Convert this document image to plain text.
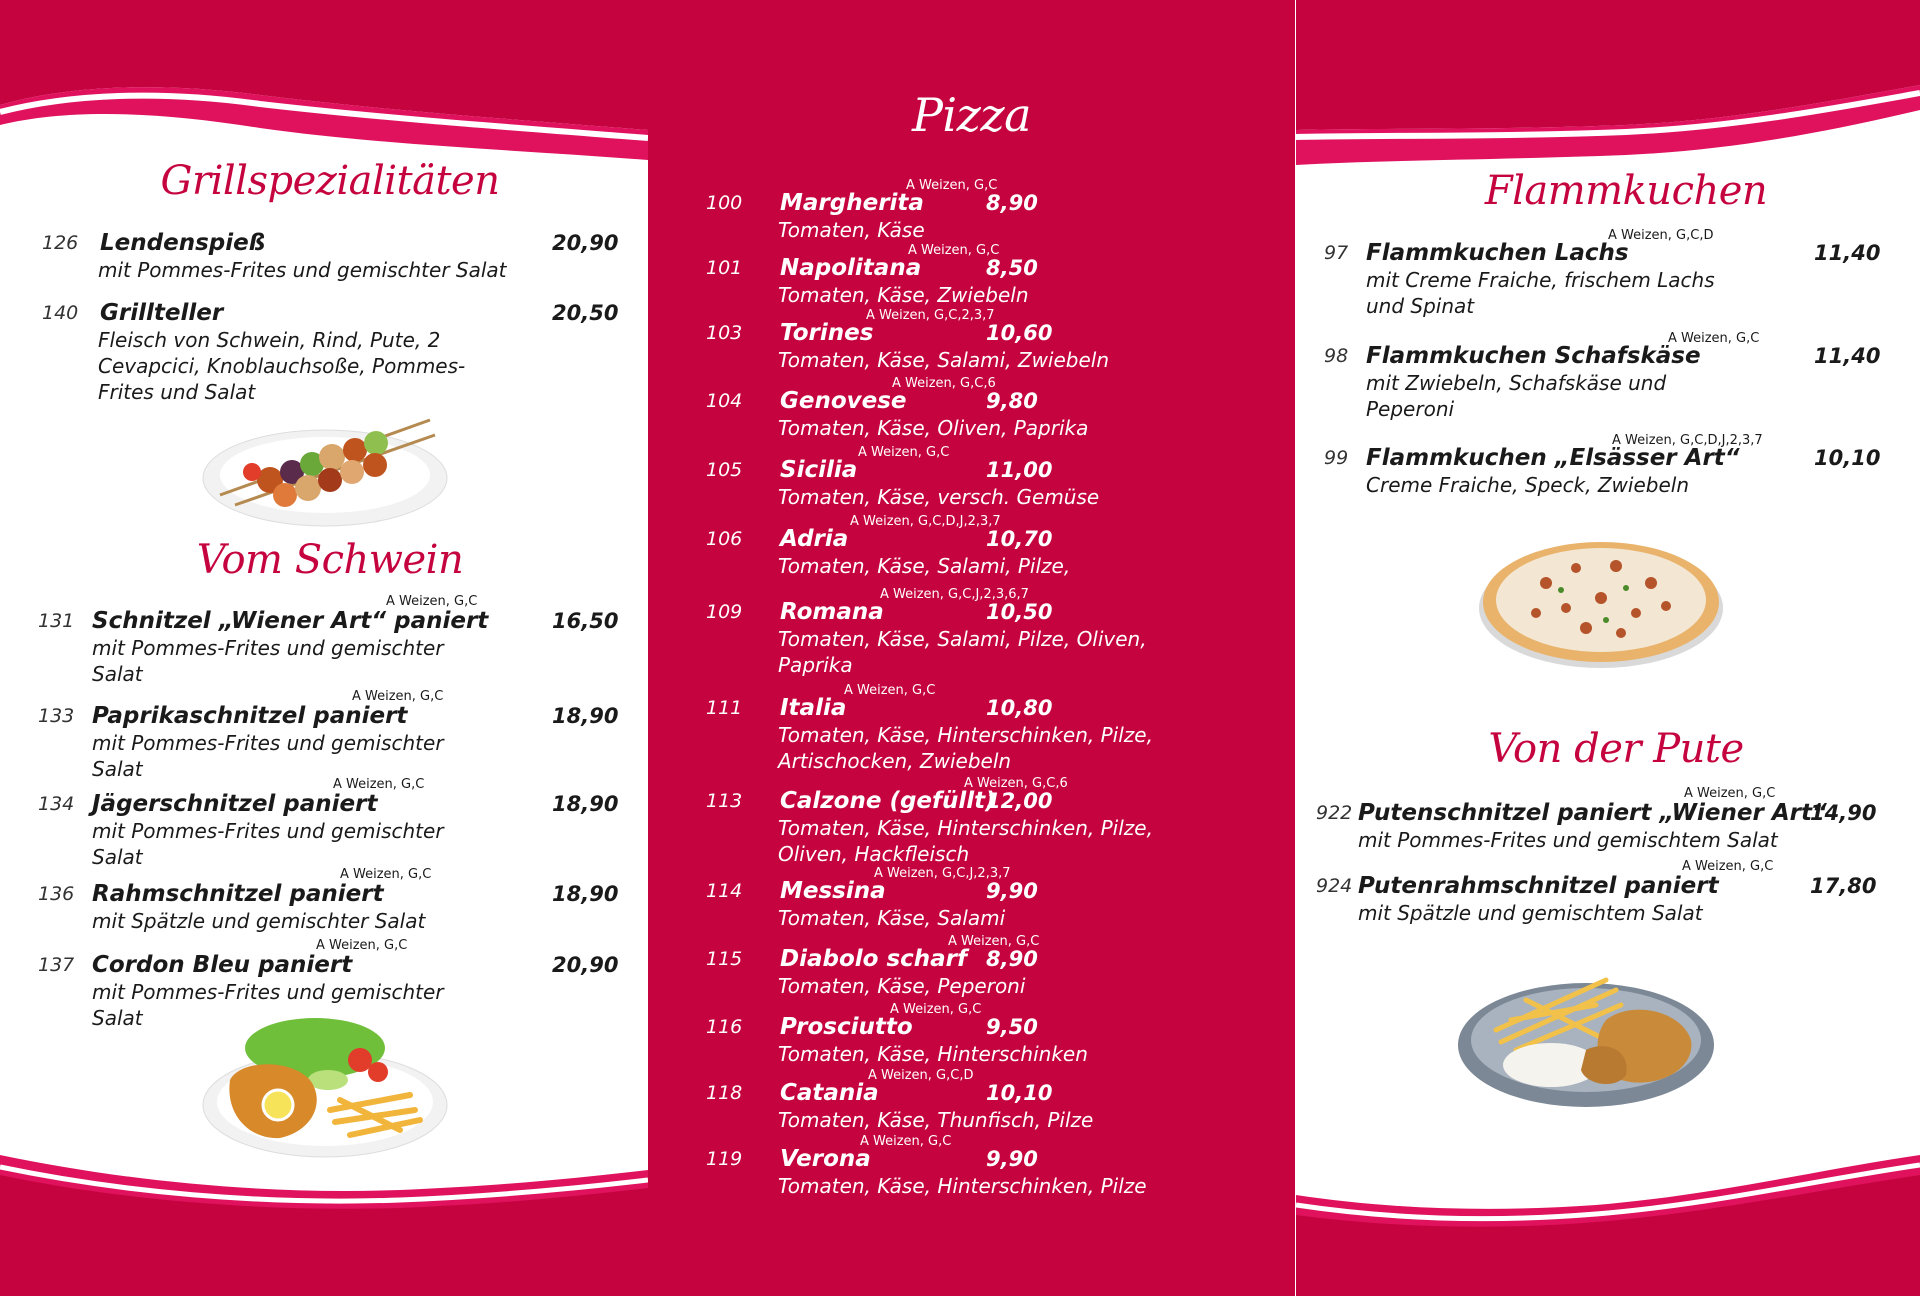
Grillspezialitäten
126 Lendenspieß	20,90
mit Pommes-Frites und gemischter Salat
140 Grillteller	20,50
Fleisch von Schwein, Rind, Pute, 2 Cevapcici, Knoblauchsoße, Pommes-Frites und Salat
Vom Schwein
131 Schnitzel „Wiener Art“ paniert
A Weizen, G,C
16,50
mit Pommes-Frites und gemischter Salat
133 Paprikaschnitzel paniert
A Weizen, G,C
18,90
mit Pommes-Frites und gemischter Salat
134 Jägerschnitzel paniert
A Weizen, G,C
18,90
mit Pommes-Frites und gemischter Salat
136 Rahmschnitzel paniert
A Weizen, G,C
18,90
mit Spätzle und gemischter Salat
137 Cordon Bleu paniert
A Weizen, G,C
20,90
mit Pommes-Frites und gemischter Salat
Pizza
100 Margherita
A Weizen, G,C
8,90
Tomaten, Käse
101 Napolitana
A Weizen, G,C
8,50
Tomaten, Käse, Zwiebeln
103 Torines
A Weizen, G,C,2,3,7
10,60
Tomaten, Käse, Salami, Zwiebeln
104 Genovese
A Weizen, G,C,6
9,80
Tomaten, Käse, Oliven, Paprika
105 Sicilia
A Weizen, G,C
11,00
Tomaten, Käse, versch. Gemüse
106 Adria
A Weizen, G,C,D,J,2,3,7
10,70
Tomaten, Käse, Salami, Pilze,
109 Romana
A Weizen, G,C,J,2,3,6,7
10,50
Tomaten, Käse, Salami, Pilze, Oliven, Paprika
111 Italia
A Weizen, G,C
10,80
Tomaten, Käse, Hinterschinken, Pilze, Artischocken, Zwiebeln
113 Calzone (gefüllt)
A Weizen, G,C,6
12,00
Tomaten, Käse, Hinterschinken, Pilze, Oliven, Hackfleisch
114 Messina
A Weizen, G,C,J,2,3,7
9,90
Tomaten, Käse, Salami
115 Diabolo scharf
A Weizen, G,C
8,90
Tomaten, Käse, Peperoni
116 Prosciutto
A Weizen, G,C
9,50
Tomaten, Käse, Hinterschinken
118 Catania
A Weizen, G,C,D
10,10
Tomaten, Käse, Thunfisch, Pilze
119 Verona
A Weizen, G,C
9,90
Tomaten, Käse, Hinterschinken, Pilze
Flammkuchen
97 Flammkuchen Lachs
A Weizen, G,C,D
11,40
mit Creme Fraiche, frischem Lachs und Spinat
98 Flammkuchen Schafskäse
A Weizen, G,C
11,40
mit Zwiebeln, Schafskäse und Peperoni
99 Flammkuchen „Elsässer Art“
A Weizen, G,C,D,J,2,3,7
10,10
Creme Fraiche, Speck, Zwiebeln
Von der Pute
922 Putenschnitzel paniert „Wiener Art“
A Weizen, G,C
14,90
mit Pommes-Frites und gemischtem Salat
924 Putenrahmschnitzel paniert
A Weizen, G,C
17,80
mit Spätzle und gemischtem Salat
